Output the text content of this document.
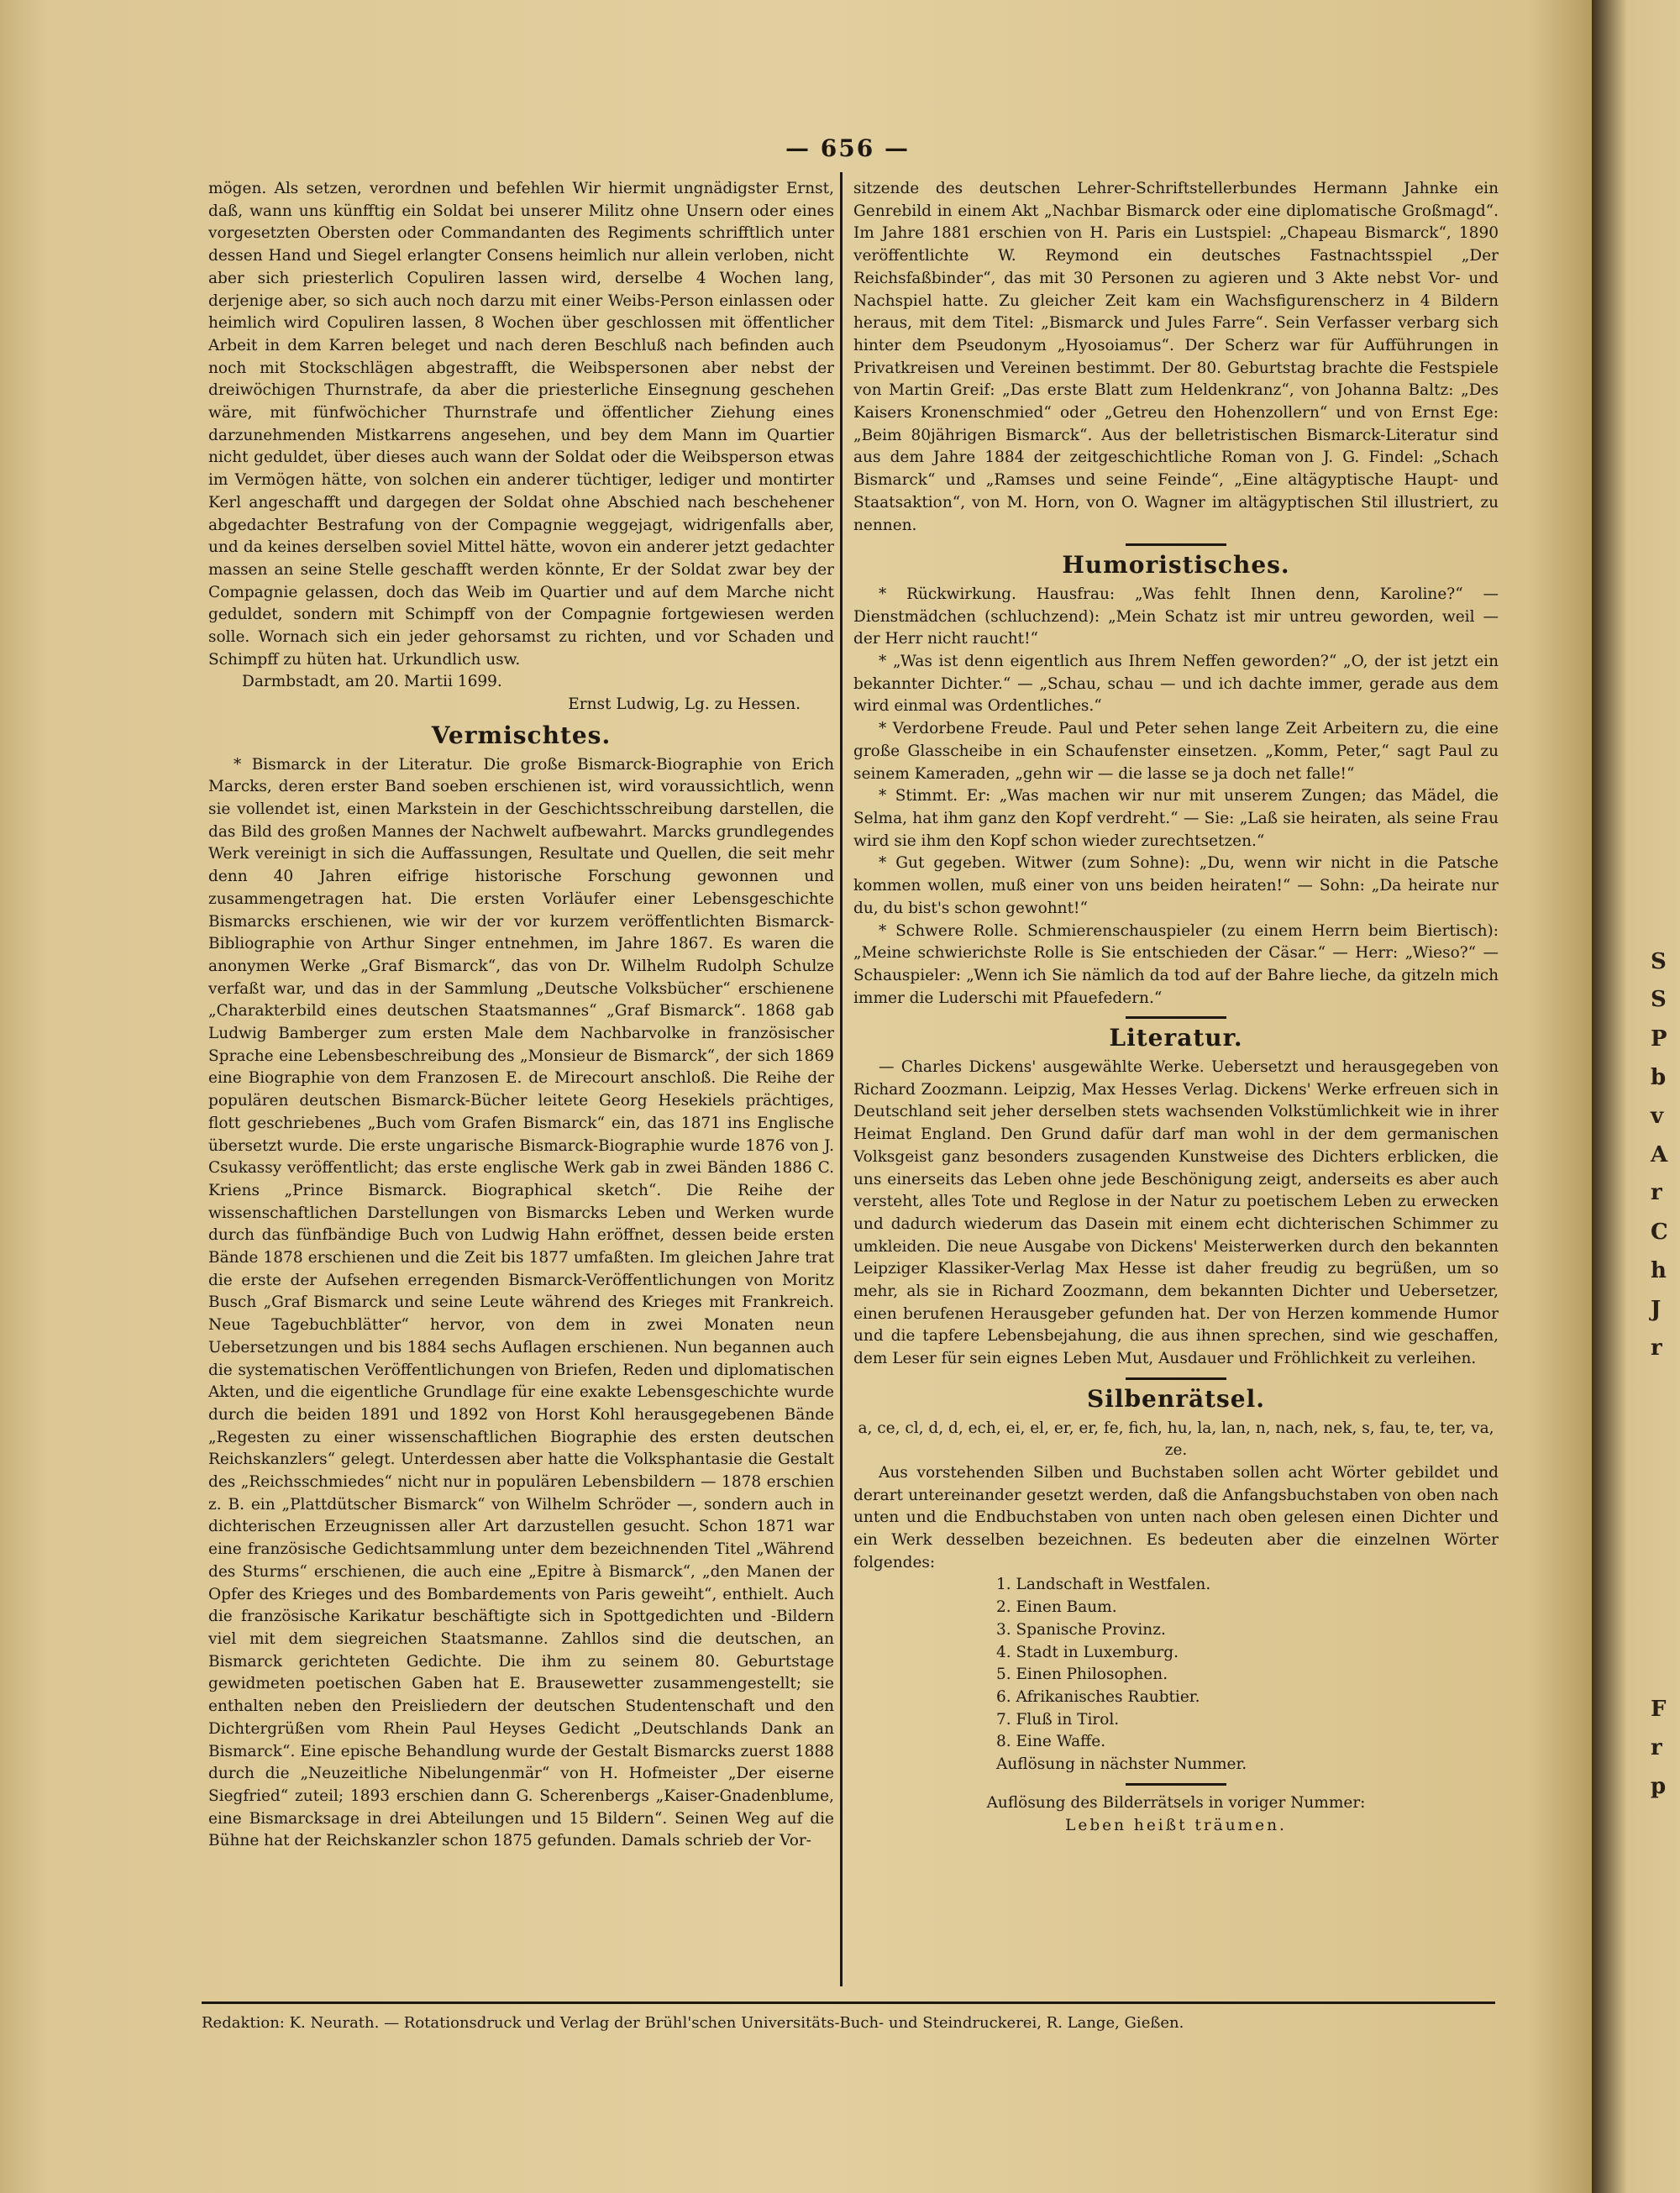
— 656 —

mögen. Als setzen, verordnen und befehlen Wir hiermit ungnädigster Ernst, daß, wann uns künfftig ein Soldat bei unserer Militz ohne Unsern oder eines vorgesetzten Obersten oder Commandanten des Regiments schrifftlich unter dessen Hand und Siegel erlangter Consens heimlich nur allein verloben, nicht aber sich priesterlich Copuliren lassen wird, derselbe 4 Wochen lang, derjenige aber, so sich auch noch darzu mit einer Weibs-Person einlassen oder heimlich wird Copuliren lassen, 8 Wochen über geschlossen mit öffentlicher Arbeit in dem Karren beleget und nach deren Beschluß nach befinden auch noch mit Stockschlägen abgestrafft, die Weibspersonen aber nebst der dreiwöchigen Thurnstrafe, da aber die priesterliche Einsegnung geschehen wäre, mit fünfwöchicher Thurnstrafe und öffentlicher Ziehung eines darzunehmenden Mistkarrens angesehen, und bey dem Mann im Quartier nicht geduldet, über dieses auch wann der Soldat oder die Weibsperson etwas im Vermögen hätte, von solchen ein anderer tüchtiger, lediger und montirter Kerl angeschafft und dargegen der Soldat ohne Abschied nach beschehener abgedachter Bestrafung von der Compagnie weggejagt, widrigenfalls aber, und da keines derselben soviel Mittel hätte, wovon ein anderer jetzt gedachter massen an seine Stelle geschafft werden könnte, Er der Soldat zwar bey der Compagnie gelassen, doch das Weib im Quartier und auf dem Marche nicht geduldet, sondern mit Schimpff von der Compagnie fortgewiesen werden solle. Wornach sich ein jeder gehorsamst zu richten, und vor Schaden und Schimpff zu hüten hat. Urkundlich usw.

Darmbstadt, am 20. Martii 1699.

Ernst Ludwig, Lg. zu Hessen.

Vermischtes.

* Bismarck in der Literatur. Die große Bismarck-Biographie von Erich Marcks, deren erster Band soeben erschienen ist, wird voraussichtlich, wenn sie vollendet ist, einen Markstein in der Geschichtsschreibung darstellen, die das Bild des großen Mannes der Nachwelt aufbewahrt. Marcks grundlegendes Werk vereinigt in sich die Auffassungen, Resultate und Quellen, die seit mehr denn 40 Jahren eifrige historische Forschung gewonnen und zusammengetragen hat. Die ersten Vorläufer einer Lebensgeschichte Bismarcks erschienen, wie wir der vor kurzem veröffentlichten Bismarck-Bibliographie von Arthur Singer entnehmen, im Jahre 1867. Es waren die anonymen Werke „Graf Bismarck“, das von Dr. Wilhelm Rudolph Schulze verfaßt war, und das in der Sammlung „Deutsche Volksbücher“ erschienene „Charakterbild eines deutschen Staatsmannes“ „Graf Bismarck“. 1868 gab Ludwig Bamberger zum ersten Male dem Nachbarvolke in französischer Sprache eine Lebensbeschreibung des „Monsieur de Bismarck“, der sich 1869 eine Biographie von dem Franzosen E. de Mirecourt anschloß. Die Reihe der populären deutschen Bismarck-Bücher leitete Georg Hesekiels prächtiges, flott geschriebenes „Buch vom Grafen Bismarck“ ein, das 1871 ins Englische übersetzt wurde. Die erste ungarische Bismarck-Biographie wurde 1876 von J. Csukassy veröffentlicht; das erste englische Werk gab in zwei Bänden 1886 C. Kriens „Prince Bismarck. Biographical sketch“. Die Reihe der wissenschaftlichen Darstellungen von Bismarcks Leben und Werken wurde durch das fünfbändige Buch von Ludwig Hahn eröffnet, dessen beide ersten Bände 1878 erschienen und die Zeit bis 1877 umfaßten. Im gleichen Jahre trat die erste der Aufsehen erregenden Bismarck-Veröffentlichungen von Moritz Busch „Graf Bismarck und seine Leute während des Krieges mit Frankreich. Neue Tagebuchblätter“ hervor, von dem in zwei Monaten neun Uebersetzungen und bis 1884 sechs Auflagen erschienen. Nun begannen auch die systematischen Veröffentlichungen von Briefen, Reden und diplomatischen Akten, und die eigentliche Grundlage für eine exakte Lebensgeschichte wurde durch die beiden 1891 und 1892 von Horst Kohl herausgegebenen Bände „Regesten zu einer wissenschaftlichen Biographie des ersten deutschen Reichskanzlers“ gelegt. Unterdessen aber hatte die Volksphantasie die Gestalt des „Reichsschmiedes“ nicht nur in populären Lebensbildern — 1878 erschien z. B. ein „Plattdütscher Bismarck“ von Wilhelm Schröder —, sondern auch in dichterischen Erzeugnissen aller Art darzustellen gesucht. Schon 1871 war eine französische Gedichtsammlung unter dem bezeichnenden Titel „Während des Sturms“ erschienen, die auch eine „Epitre à Bismarck“, „den Manen der Opfer des Krieges und des Bombardements von Paris geweiht“, enthielt. Auch die französische Karikatur beschäftigte sich in Spottgedichten und -Bildern viel mit dem siegreichen Staatsmanne. Zahllos sind die deutschen, an Bismarck gerichteten Gedichte. Die ihm zu seinem 80. Geburtstage gewidmeten poetischen Gaben hat E. Brausewetter zusammengestellt; sie enthalten neben den Preisliedern der deutschen Studentenschaft und den Dichtergrüßen vom Rhein Paul Heyses Gedicht „Deutschlands Dank an Bismarck“. Eine epische Behandlung wurde der Gestalt Bismarcks zuerst 1888 durch die „Neuzeitliche Nibelungenmär“ von H. Hofmeister „Der eiserne Siegfried“ zuteil; 1893 erschien dann G. Scherenbergs „Kaiser-Gnadenblume, eine Bismarcksage in drei Abteilungen und 15 Bildern“. Seinen Weg auf die Bühne hat der Reichskanzler schon 1875 gefunden. Damals schrieb der Vor-

sitzende des deutschen Lehrer-Schriftstellerbundes Hermann Jahnke ein Genrebild in einem Akt „Nachbar Bismarck oder eine diplomatische Großmagd“. Im Jahre 1881 erschien von H. Paris ein Lustspiel: „Chapeau Bismarck“, 1890 veröffentlichte W. Reymond ein deutsches Fastnachtsspiel „Der Reichsfaßbinder“, das mit 30 Personen zu agieren und 3 Akte nebst Vor- und Nachspiel hatte. Zu gleicher Zeit kam ein Wachsfigurenscherz in 4 Bildern heraus, mit dem Titel: „Bismarck und Jules Farre“. Sein Verfasser verbarg sich hinter dem Pseudonym „Hyosoiamus“. Der Scherz war für Aufführungen in Privatkreisen und Vereinen bestimmt. Der 80. Geburtstag brachte die Festspiele von Martin Greif: „Das erste Blatt zum Heldenkranz“, von Johanna Baltz: „Des Kaisers Kronenschmied“ oder „Getreu den Hohenzollern“ und von Ernst Ege: „Beim 80jährigen Bismarck“. Aus der belletristischen Bismarck-Literatur sind aus dem Jahre 1884 der zeitgeschichtliche Roman von J. G. Findel: „Schach Bismarck“ und „Ramses und seine Feinde“, „Eine altägyptische Haupt- und Staatsaktion“, von M. Horn, von O. Wagner im altägyptischen Stil illustriert, zu nennen.

Humoristisches.

* Rückwirkung. Hausfrau: „Was fehlt Ihnen denn, Karoline?“ — Dienstmädchen (schluchzend): „Mein Schatz ist mir untreu geworden, weil — der Herr nicht raucht!“

* „Was ist denn eigentlich aus Ihrem Neffen geworden?“ „O, der ist jetzt ein bekannter Dichter.“ — „Schau, schau — und ich dachte immer, gerade aus dem wird einmal was Ordentliches.“

* Verdorbene Freude. Paul und Peter sehen lange Zeit Arbeitern zu, die eine große Glasscheibe in ein Schaufenster einsetzen. „Komm, Peter,“ sagt Paul zu seinem Kameraden, „gehn wir — die lasse se ja doch net falle!“

* Stimmt. Er: „Was machen wir nur mit unserem Zungen; das Mädel, die Selma, hat ihm ganz den Kopf verdreht.“ — Sie: „Laß sie heiraten, als seine Frau wird sie ihm den Kopf schon wieder zurechtsetzen.“

* Gut gegeben. Witwer (zum Sohne): „Du, wenn wir nicht in die Patsche kommen wollen, muß einer von uns beiden heiraten!“ — Sohn: „Da heirate nur du, du bist's schon gewohnt!“

* Schwere Rolle. Schmierenschauspieler (zu einem Herrn beim Biertisch): „Meine schwierichste Rolle is Sie entschieden der Cäsar.“ — Herr: „Wieso?“ — Schauspieler: „Wenn ich Sie nämlich da tod auf der Bahre lieche, da gitzeln mich immer die Luderschi mit Pfauefedern.“

Literatur.

— Charles Dickens' ausgewählte Werke. Uebersetzt und herausgegeben von Richard Zoozmann. Leipzig, Max Hesses Verlag. Dickens' Werke erfreuen sich in Deutschland seit jeher derselben stets wachsenden Volkstümlichkeit wie in ihrer Heimat England. Den Grund dafür darf man wohl in der dem germanischen Volksgeist ganz besonders zusagenden Kunstweise des Dichters erblicken, die uns einerseits das Leben ohne jede Beschönigung zeigt, anderseits es aber auch versteht, alles Tote und Reglose in der Natur zu poetischem Leben zu erwecken und dadurch wiederum das Dasein mit einem echt dichterischen Schimmer zu umkleiden. Die neue Ausgabe von Dickens' Meisterwerken durch den bekannten Leipziger Klassiker-Verlag Max Hesse ist daher freudig zu begrüßen, um so mehr, als sie in Richard Zoozmann, dem bekannten Dichter und Uebersetzer, einen berufenen Herausgeber gefunden hat. Der von Herzen kommende Humor und die tapfere Lebensbejahung, die aus ihnen sprechen, sind wie geschaffen, dem Leser für sein eignes Leben Mut, Ausdauer und Fröhlichkeit zu verleihen.

Silbenrätsel.

a, ce, cl, d, d, ech, ei, el, er, er, fe, fich, hu, la, lan, n, nach, nek, s, fau, te, ter, va, ze.

Aus vorstehenden Silben und Buchstaben sollen acht Wörter gebildet und derart untereinander gesetzt werden, daß die Anfangsbuchstaben von oben nach unten und die Endbuchstaben von unten nach oben gelesen einen Dichter und ein Werk desselben bezeichnen. Es bedeuten aber die einzelnen Wörter folgendes:

1. Landschaft in Westfalen.
2. Einen Baum.
3. Spanische Provinz.
4. Stadt in Luxemburg.
5. Einen Philosophen.
6. Afrikanisches Raubtier.
7. Fluß in Tirol.
8. Eine Waffe.
Auflösung in nächster Nummer.

Auflösung des Bilderrätsels in voriger Nummer:

Leben heißt träumen.

Redaktion: K. Neurath. — Rotationsdruck und Verlag der Brühl'schen Universitäts-Buch- und Steindruckerei, R. Lange, Gießen.
S
S
P
b
v
A
r
C
h
J
r
F
r
p
